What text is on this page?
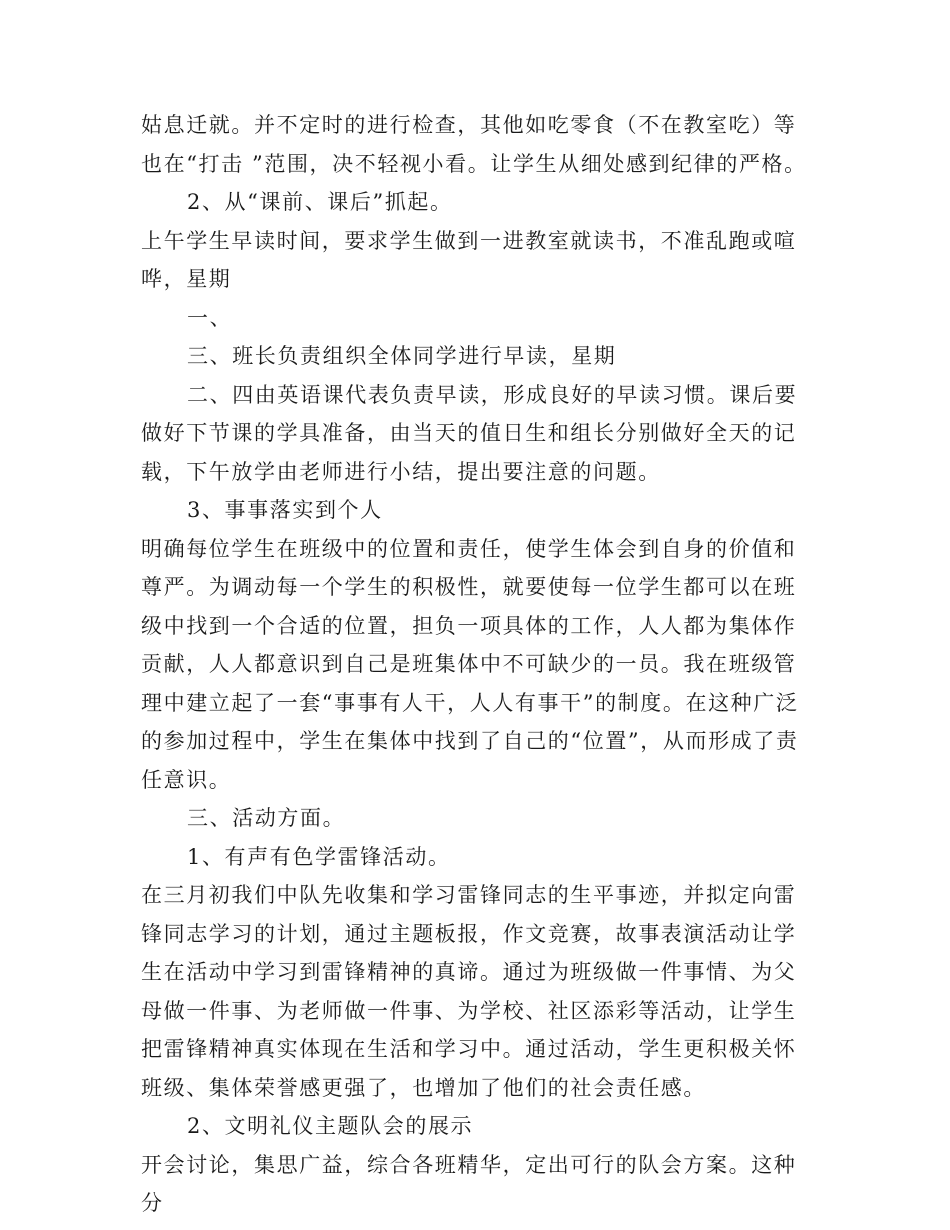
姑息迁就。并不定时的进行检查，其他如吃零食（不在教室吃）等也在“打击 ”范围，决不轻视小看。让学生从细处感到纪律的严格。

2、从“课前、课后”抓起。

上午学生早读时间，要求学生做到一进教室就读书，不准乱跑或喧哗，星期

一、

三、班长负责组织全体同学进行早读，星期

二、四由英语课代表负责早读，形成良好的早读习惯。课后要做好下节课的学具准备，由当天的值日生和组长分别做好全天的记载，下午放学由老师进行小结，提出要注意的问题。

3、事事落实到个人

明确每位学生在班级中的位置和责任，使学生体会到自身的价值和尊严。为调动每一个学生的积极性，就要使每一位学生都可以在班级中找到一个合适的位置，担负一项具体的工作，人人都为集体作贡献，人人都意识到自己是班集体中不可缺少的一员。我在班级管理中建立起了一套“事事有人干，人人有事干”的制度。在这种广泛的参加过程中，学生在集体中找到了自己的“位置”，从而形成了责任意识。

三、活动方面。

1、有声有色学雷锋活动。

在三月初我们中队先收集和学习雷锋同志的生平事迹，并拟定向雷锋同志学习的计划，通过主题板报，作文竞赛，故事表演活动让学生在活动中学习到雷锋精神的真谛。通过为班级做一件事情、为父母做一件事、为老师做一件事、为学校、社区添彩等活动，让学生把雷锋精神真实体现在生活和学习中。通过活动，学生更积极关怀班级、集体荣誉感更强了，也增加了他们的社会责任感。

2、文明礼仪主题队会的展示

开会讨论，集思广益，综合各班精华，定出可行的队会方案。这种分
